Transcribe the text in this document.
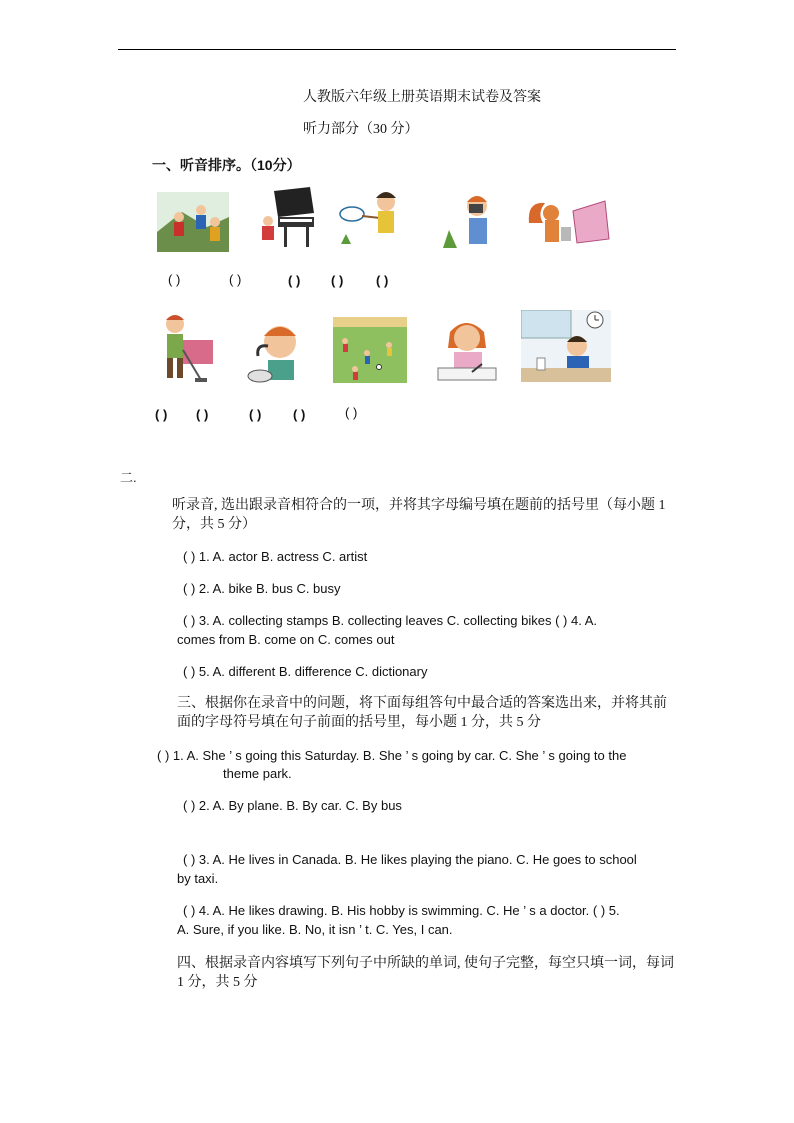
人教版六年级上册英语期末试卷及答案
听力部分（30 分）
一、听音排序。（10分）
( )	( )	( ) ( )	( )
( ) ( )	( ) ( )	( )
二.
听录音, 选出跟录音相符合的一项，并将其字母编号填在题前的括号里（每小题 1 分，共 5 分）
( ) 1. A. actor B. actress C. artist
( ) 2. A. bike B. bus C. busy
( ) 3. A. collecting stamps B. collecting leaves C. collecting bikes ( ) 4. A.
comes from B. come on C. comes out
( ) 5. A. different B. difference C. dictionary
三、根据你在录音中的问题，将下面每组答句中最合适的答案选出来，并将其前面的字母符号填在句子前面的括号里，每小题 1 分，共 5 分
( ) 1. A. She ’ s going this Saturday. B. She ’ s going by car. C. She ’ s going to the
theme park.
( ) 2. A. By plane. B. By car. C. By bus
( ) 3. A. He lives in Canada. B. He likes playing the piano. C. He goes to school
by taxi.
( ) 4. A. He likes drawing. B. His hobby is swimming. C. He ’ s a doctor. ( ) 5.
A. Sure, if you like. B. No, it isn ’ t. C. Yes, I can.
四、根据录音内容填写下列句子中所缺的单词, 使句子完整，每空只填一词，每词 1 分，共 5 分
